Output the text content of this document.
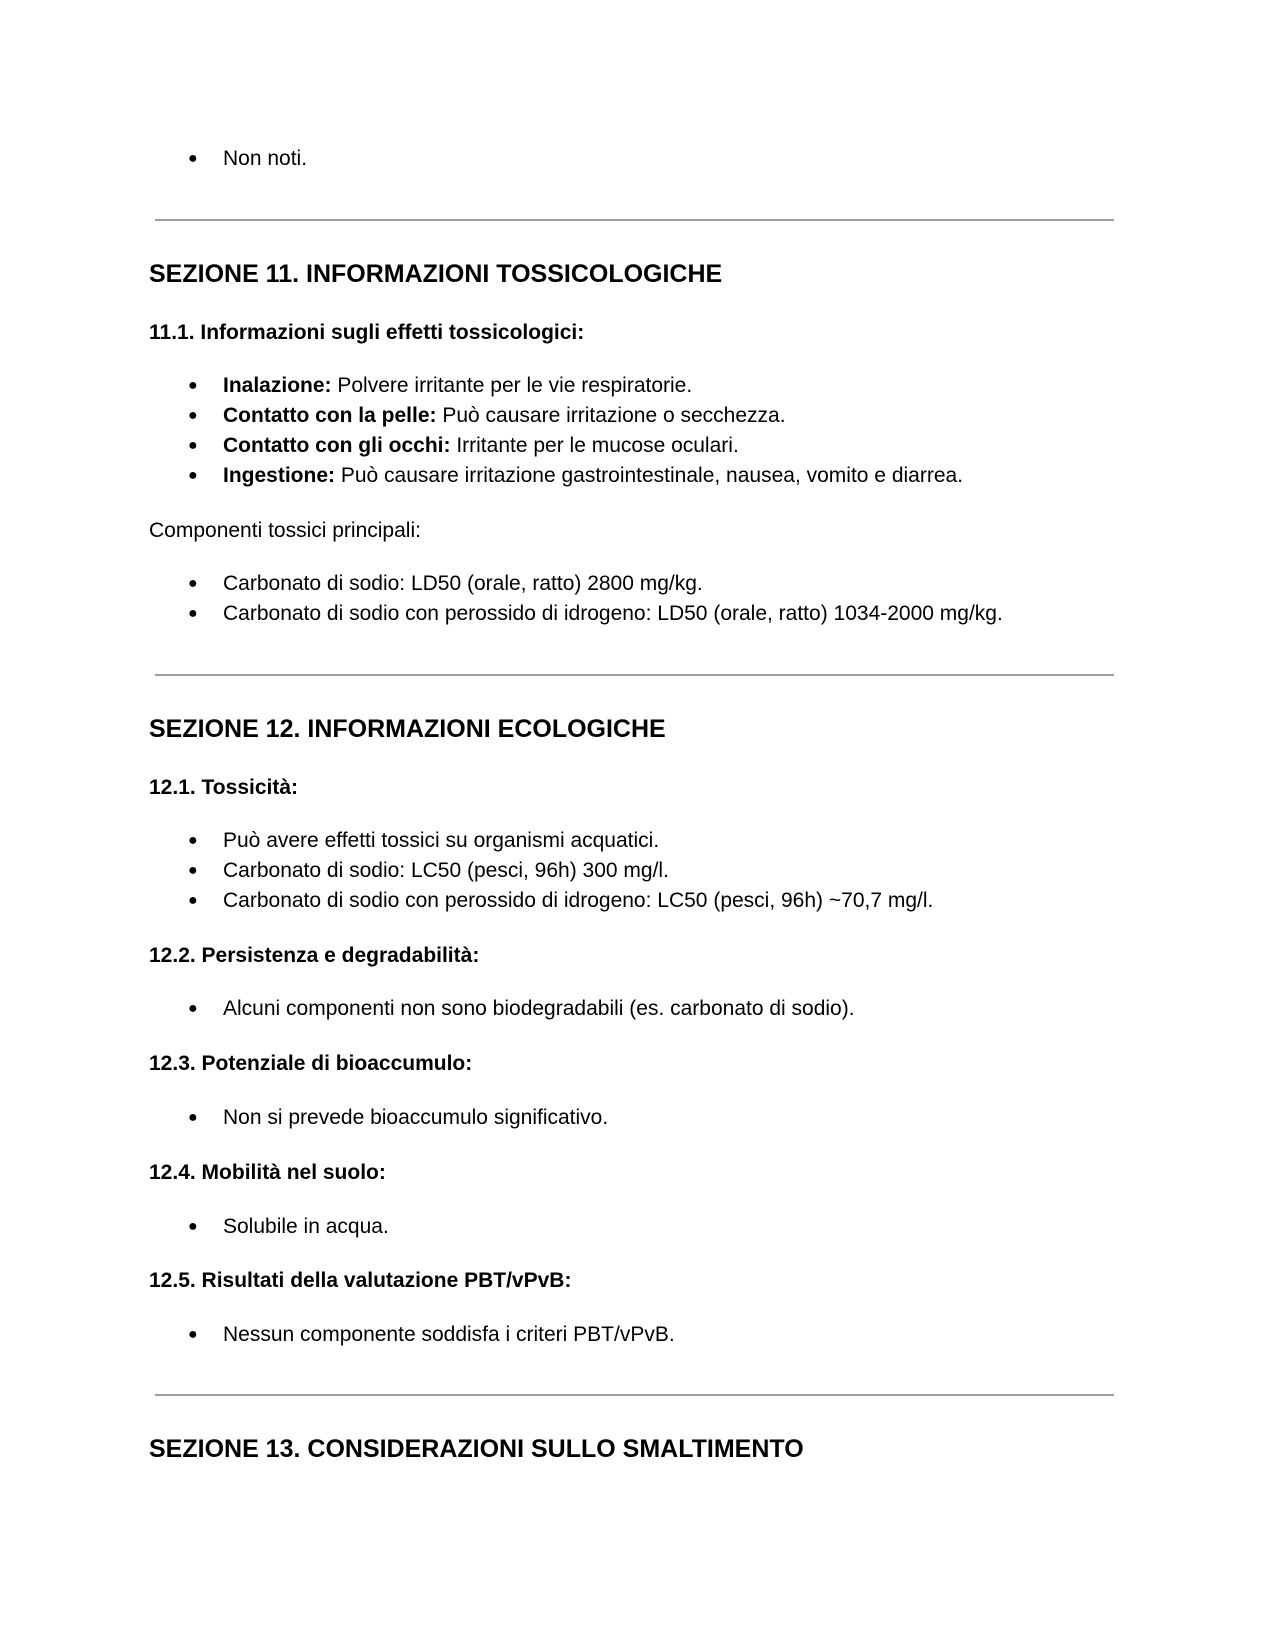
● Non noti.
SEZIONE 11. INFORMAZIONI TOSSICOLOGICHE
11.1. Informazioni sugli effetti tossicologici:
● Inalazione: Polvere irritante per le vie respiratorie.
● Contatto con la pelle: Può causare irritazione o secchezza.
● Contatto con gli occhi: Irritante per le mucose oculari.
● Ingestione: Può causare irritazione gastrointestinale, nausea, vomito e diarrea.
Componenti tossici principali:
● Carbonato di sodio: LD50 (orale, ratto) 2800 mg/kg.
● Carbonato di sodio con perossido di idrogeno: LD50 (orale, ratto) 1034-2000 mg/kg.
SEZIONE 12. INFORMAZIONI ECOLOGICHE
12.1. Tossicità:
● Può avere effetti tossici su organismi acquatici.
● Carbonato di sodio: LC50 (pesci, 96h) 300 mg/l.
● Carbonato di sodio con perossido di idrogeno: LC50 (pesci, 96h) ~70,7 mg/l.
12.2. Persistenza e degradabilità:
● Alcuni componenti non sono biodegradabili (es. carbonato di sodio).
12.3. Potenziale di bioaccumulo:
● Non si prevede bioaccumulo significativo.
12.4. Mobilità nel suolo:
● Solubile in acqua.
12.5. Risultati della valutazione PBT/vPvB:
● Nessun componente soddisfa i criteri PBT/vPvB.
SEZIONE 13. CONSIDERAZIONI SULLO SMALTIMENTO
